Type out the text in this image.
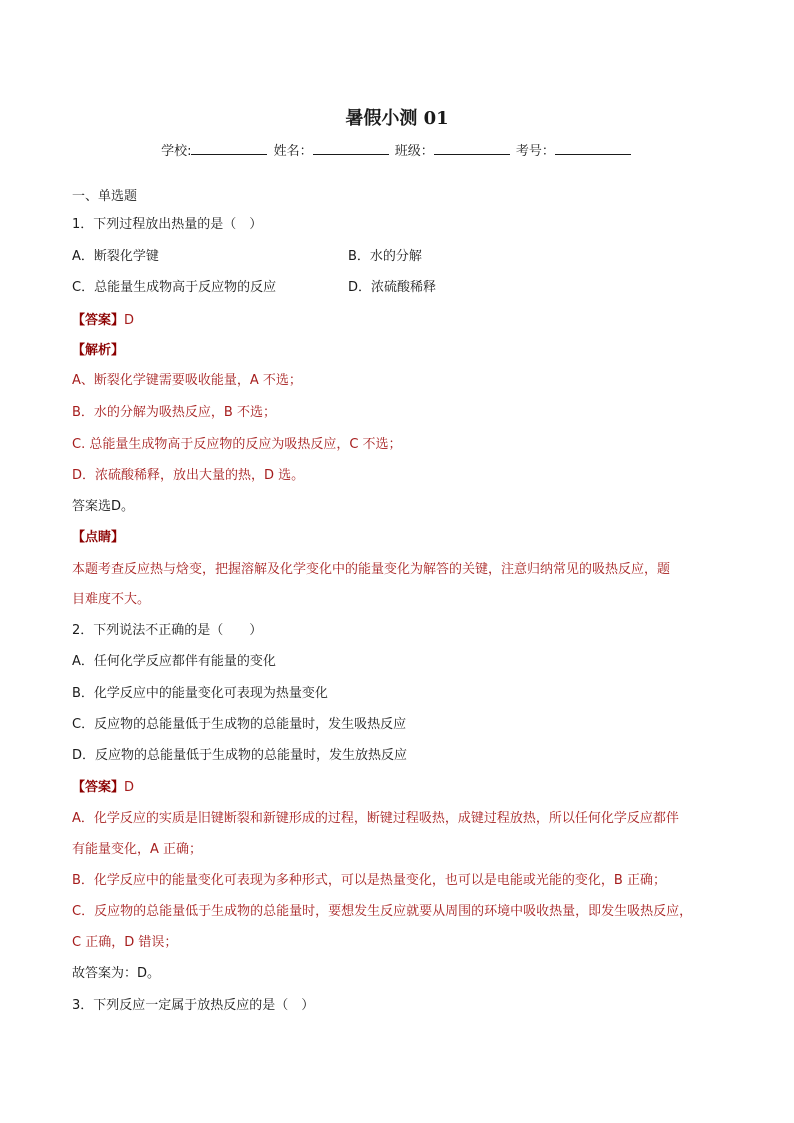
暑假小测 01
学校:	姓名：	班级：	考号：
一、单选题
1．下列过程放出热量的是（　）
A．断裂化学键	B．水的分解
C．总能量生成物高于反应物的反应	D．浓硫酸稀释
【答案】D
【解析】
A、断裂化学键需要吸收能量，A 不选；
B．水的分解为吸热反应，B 不选；
C. 总能量生成物高于反应物的反应为吸热反应，C 不选；
D．浓硫酸稀释，放出大量的热，D 选。
答案选D。
【点睛】
本题考查反应热与焓变，把握溶解及化学变化中的能量变化为解答的关键，注意归纳常见的吸热反应，题
目难度不大。
2．下列说法不正确的是（　　）
A．任何化学反应都伴有能量的变化
B．化学反应中的能量变化可表现为热量变化
C．反应物的总能量低于生成物的总能量时，发生吸热反应
D．反应物的总能量低于生成物的总能量时，发生放热反应
【答案】D
A．化学反应的实质是旧键断裂和新键形成的过程，断键过程吸热，成键过程放热，所以任何化学反应都伴
有能量变化，A 正确；
B．化学反应中的能量变化可表现为多种形式，可以是热量变化，也可以是电能或光能的变化，B 正确；
C．反应物的总能量低于生成物的总能量时，要想发生反应就要从周围的环境中吸收热量，即发生吸热反应，
C 正确，D 错误；
故答案为：D。
3．下列反应一定属于放热反应的是（　）
